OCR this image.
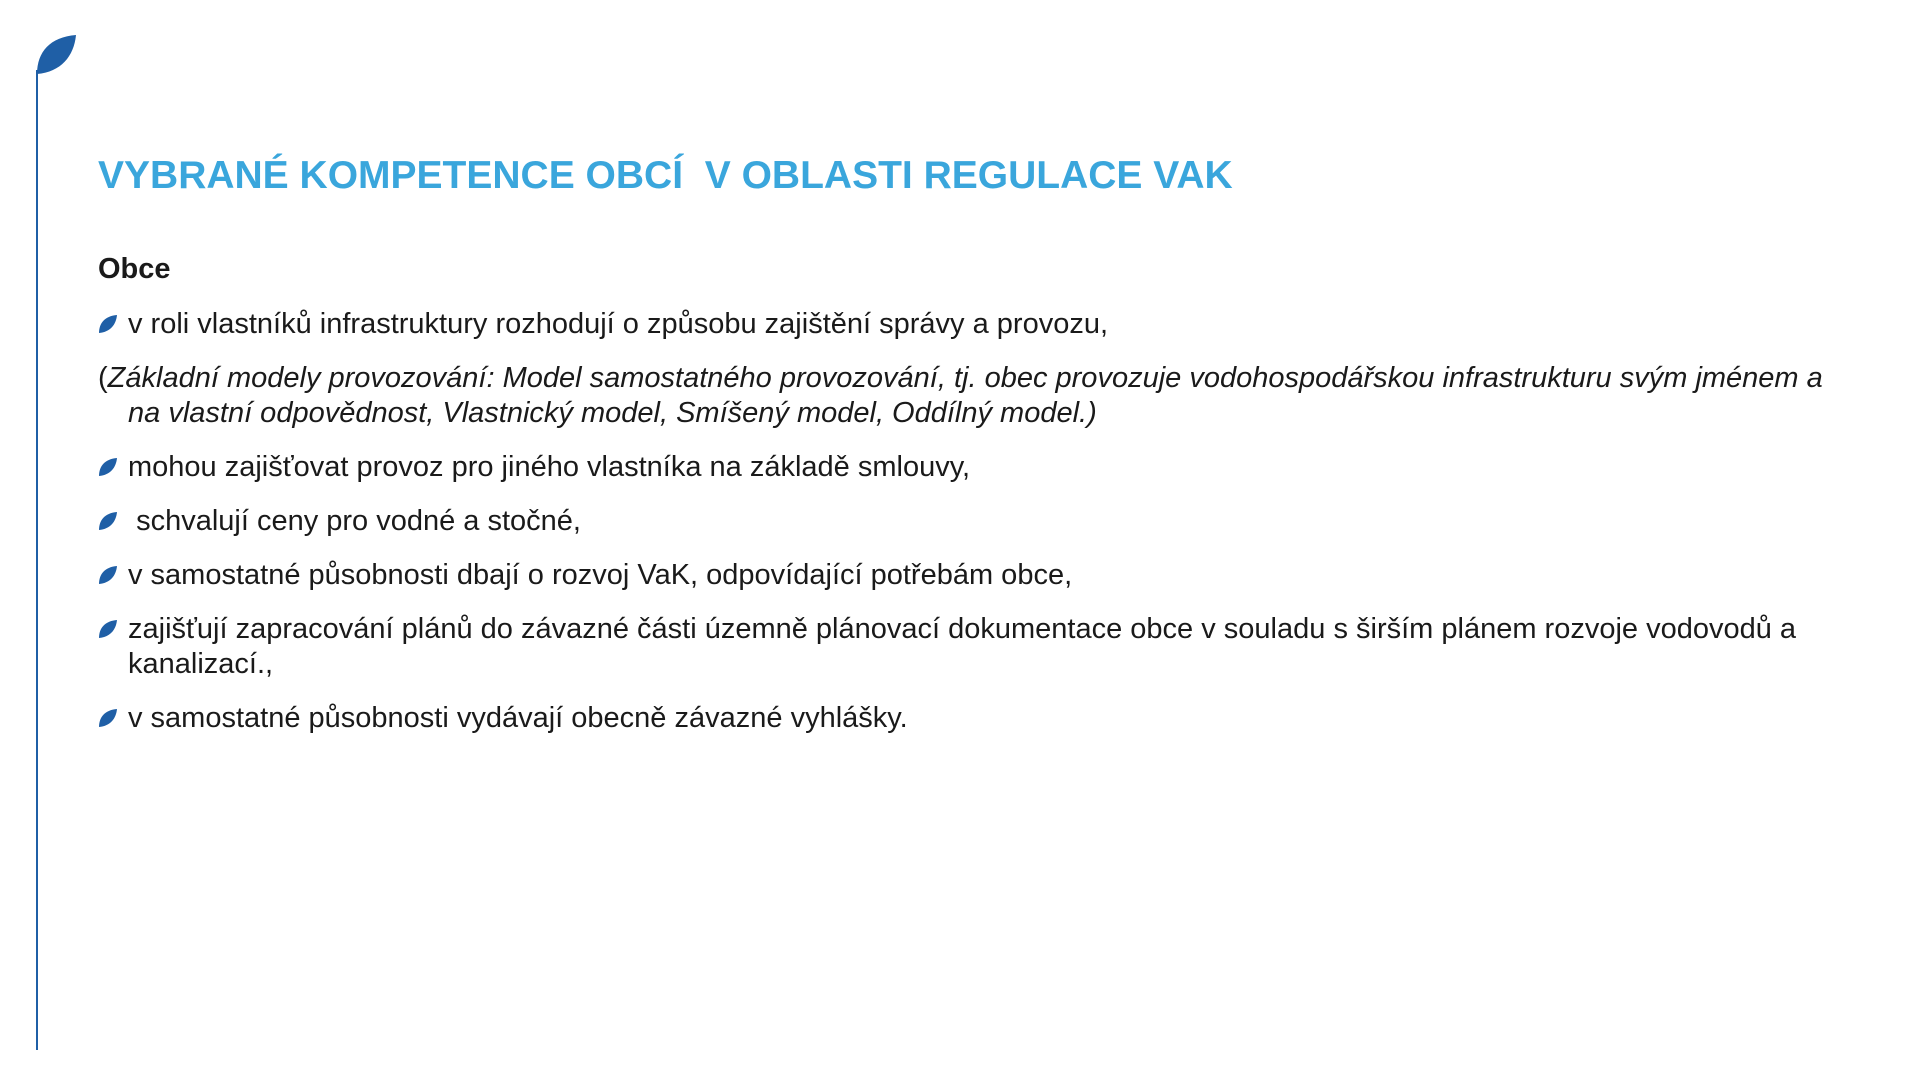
VYBRANÉ KOMPETENCE OBCÍ  V OBLASTI REGULACE VAK
Obce
v roli vlastníků infrastruktury rozhodují o způsobu zajištění správy a provozu,
(Základní modely provozování: Model samostatného provozování, tj. obec provozuje vodohospodářskou infrastrukturu svým jménem a na vlastní odpovědnost, Vlastnický model, Smíšený model, Oddílný model.)
mohou zajišťovat provoz pro jiného vlastníka na základě smlouvy,
schvalují ceny pro vodné a stočné,
v samostatné působnosti dbají o rozvoj VaK, odpovídající potřebám obce,
zajišťují zapracování plánů do závazné části územně plánovací dokumentace obce v souladu s širším plánem rozvoje vodovodů a kanalizací.,
v samostatné působnosti vydávají obecně závazné vyhlášky.
